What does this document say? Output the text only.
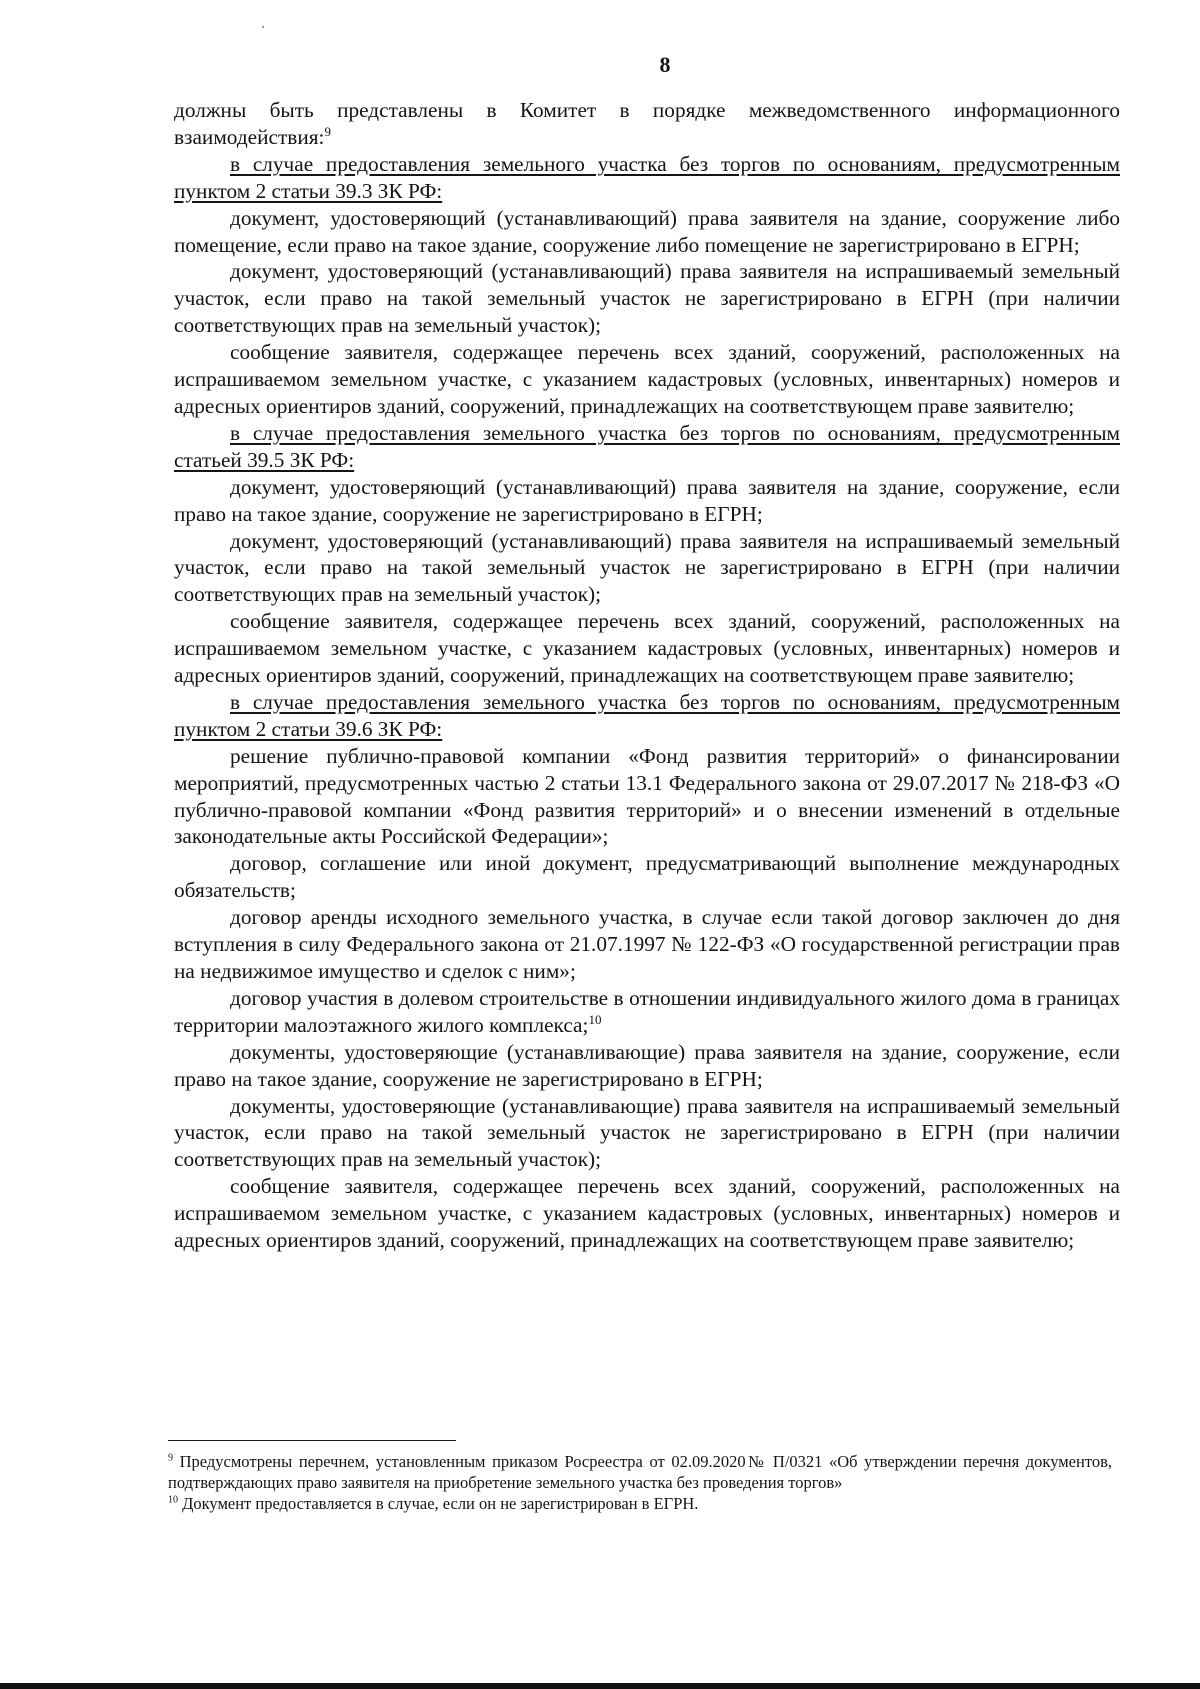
8

должны быть представлены в Комитет в порядке межведомственного информационного взаимодействия:$^9$

в случае предоставления земельного участка без торгов по основаниям, предусмотренным пунктом 2 статьи 39.3 ЗК РФ:

документ, удостоверяющий (устанавливающий) права заявителя на здание, сооружение либо помещение, если право на такое здание, сооружение либо помещение не зарегистрировано в ЕГРН;

документ, удостоверяющий (устанавливающий) права заявителя на испрашиваемый земельный участок, если право на такой земельный участок не зарегистрировано в ЕГРН (при наличии соответствующих прав на земельный участок);

сообщение заявителя, содержащее перечень всех зданий, сооружений, расположенных на испрашиваемом земельном участке, с указанием кадастровых (условных, инвентарных) номеров и адресных ориентиров зданий, сооружений, принадлежащих на соответствующем праве заявителю;

в случае предоставления земельного участка без торгов по основаниям, предусмотренным статьей 39.5 ЗК РФ:

документ, удостоверяющий (устанавливающий) права заявителя на здание, сооружение, если право на такое здание, сооружение не зарегистрировано в ЕГРН;

документ, удостоверяющий (устанавливающий) права заявителя на испрашиваемый земельный участок, если право на такой земельный участок не зарегистрировано в ЕГРН (при наличии соответствующих прав на земельный участок);

сообщение заявителя, содержащее перечень всех зданий, сооружений, расположенных на испрашиваемом земельном участке, с указанием кадастровых (условных, инвентарных) номеров и адресных ориентиров зданий, сооружений, принадлежащих на соответствующем праве заявителю;

в случае предоставления земельного участка без торгов по основаниям, предусмотренным пунктом 2 статьи 39.6 ЗК РФ:

решение публично-правовой компании «Фонд развития территорий» о финансировании мероприятий, предусмотренных частью 2 статьи 13.1 Федерального закона от 29.07.2017 № 218-ФЗ «О публично-правовой компании «Фонд развития территорий» и о внесении изменений в отдельные законодательные акты Российской Федерации»;

договор, соглашение или иной документ, предусматривающий выполнение международных обязательств;

договор аренды исходного земельного участка, в случае если такой договор заключен до дня вступления в силу Федерального закона от 21.07.1997 № 122-ФЗ «О государственной регистрации прав на недвижимое имущество и сделок с ним»;

договор участия в долевом строительстве в отношении индивидуального жилого дома в границах территории малоэтажного жилого комплекса;$^{10}$

документы, удостоверяющие (устанавливающие) права заявителя на здание, сооружение, если право на такое здание, сооружение не зарегистрировано в ЕГРН;

документы, удостоверяющие (устанавливающие) права заявителя на испрашиваемый земельный участок, если право на такой земельный участок не зарегистрировано в ЕГРН (при наличии соответствующих прав на земельный участок);

сообщение заявителя, содержащее перечень всех зданий, сооружений, расположенных на испрашиваемом земельном участке, с указанием кадастровых (условных, инвентарных) номеров и адресных ориентиров зданий, сооружений, принадлежащих на соответствующем праве заявителю;

$^9$ Предусмотрены перечнем, установленным приказом Росреестра от 02.09.2020№ П/0321 «Об утверждении перечня документов, подтверждающих право заявителя на приобретение земельного участка без проведения торгов»

$^{10}$ Документ предоставляется в случае, если он не зарегистрирован в ЕГРН.
